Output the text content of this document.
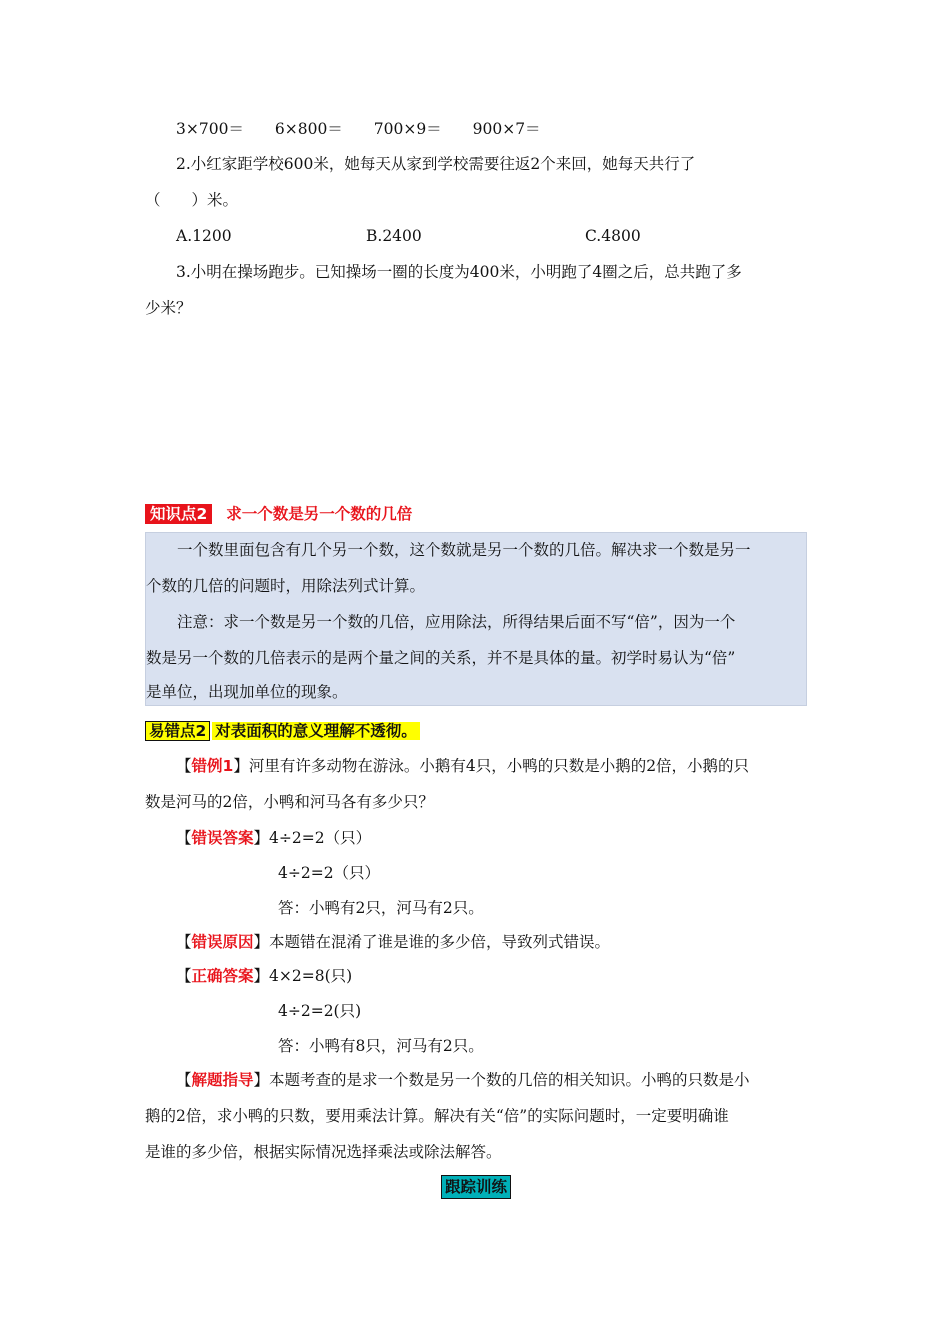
3×700＝ 6×800＝ 700×9＝ 900×7＝
2.小红家距学校600米，她每天从家到学校需要往返2个来回，她每天共行了
（　　）米。
A.1200	B.2400	C.4800
3.小明在操场跑步。已知操场一圈的长度为400米，小明跑了4圈之后，总共跑了多
少米？
知识点2 求一个数是另一个数的几倍
一个数里面包含有几个另一个数，这个数就是另一个数的几倍。解决求一个数是另一
个数的几倍的问题时，用除法列式计算。
注意：求一个数是另一个数的几倍，应用除法，所得结果后面不写“倍”，因为一个
数是另一个数的几倍表示的是两个量之间的关系，并不是具体的量。初学时易认为“倍”
是单位，出现加单位的现象。
易错点2 对表面积的意义理解不透彻。
【错例1】河里有许多动物在游泳。小鹅有4只，小鸭的只数是小鹅的2倍，小鹅的只
数是河马的2倍，小鸭和河马各有多少只？
【错误答案】4÷2=2（只）
4÷2=2（只）
答：小鸭有2只，河马有2只。
【错误原因】本题错在混淆了谁是谁的多少倍，导致列式错误。
【正确答案】4×2=8(只)
4÷2=2(只)
答：小鸭有8只，河马有2只。
【解题指导】本题考查的是求一个数是另一个数的几倍的相关知识。小鸭的只数是小
鹅的2倍，求小鸭的只数，要用乘法计算。解决有关“倍”的实际问题时，一定要明确谁
是谁的多少倍，根据实际情况选择乘法或除法解答。
跟踪训练
